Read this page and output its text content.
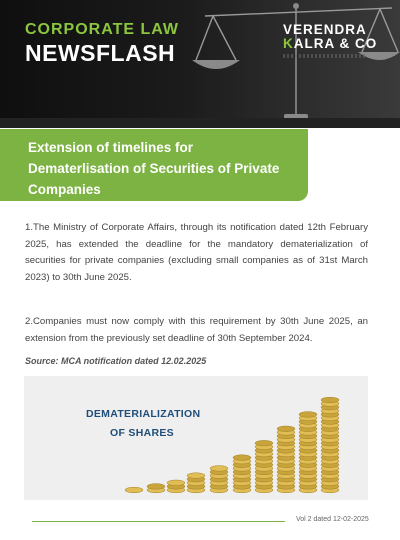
CORPORATE LAW
NEWSFLASH
VERENDRA
KALRA & CO

Extension of timelines for

Dematerlisation of Securities of Private

Companies

1.The Ministry of Corporate Affairs, through its notification dated 12th February 2025, has extended the deadline for the mandatory dematerialization of securities for private companies (excluding small companies as of 31st March 2023) to 30th June 2025.

2.Companies must now comply with this requirement by 30th June 2025, an extension from the previously set deadline of 30th September 2024.

Source: MCA notification dated 12.02.2025

DEMATERIALIZATION
OF SHARES
Vol 2 dated 12-02-2025
